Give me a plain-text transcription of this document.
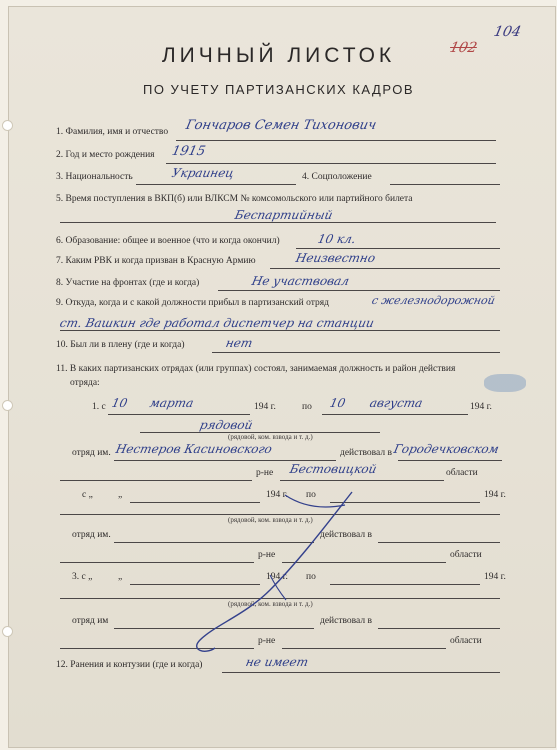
104
102
ЛИЧНЫЙ ЛИСТОК
ПО УЧЕТУ ПАРТИЗАНСКИХ КАДРОВ
1. Фамилия, имя и отчество Гончаров Семен Тихонович
2. Год и место рождения 1915
3. Национальность	Украинец	4. Соцположение
5. Время поступления в ВКП(б) или ВЛКСМ № комсомольского или партийного билета
Беспартийный
6. Образование: общее и военное (что и когда окончил)	10 кл.
7. Каким РВК и когда призван в Красную Армию	Неизвестно
8. Участие на фронтах (где и когда)	Не участвовал
9. Откуда, когда и с какой должности прибыл в партизанский отряд	с железнодорожной
ст. Вашкин где работал диспетчер на станции
10. Был ли в плену (где и когда)	нет
11. В каких партизанских отрядах (или группах) состоял, занимаемая должность и район действия
отряда:
1. с 10 марта	194 г.	по 10 августа	194 г.
рядовой
(рядовой, ком. взвода и т. д.)
отряд им. Нестеров Касиновского	действовал в Городечковском
р-не Бестовицкой	области
с „	„	194 г. по	194 г.
(рядовой, ком. взвода и т. д.)
отряд им.	действовал в
р-не	области
3. с „	„	194 г. по	194 г.
(рядовой, ком. взвода и т. д.)
отряд им	действовал в
р-не	области
12. Ранения и контузии (где и когда)	не имеет
